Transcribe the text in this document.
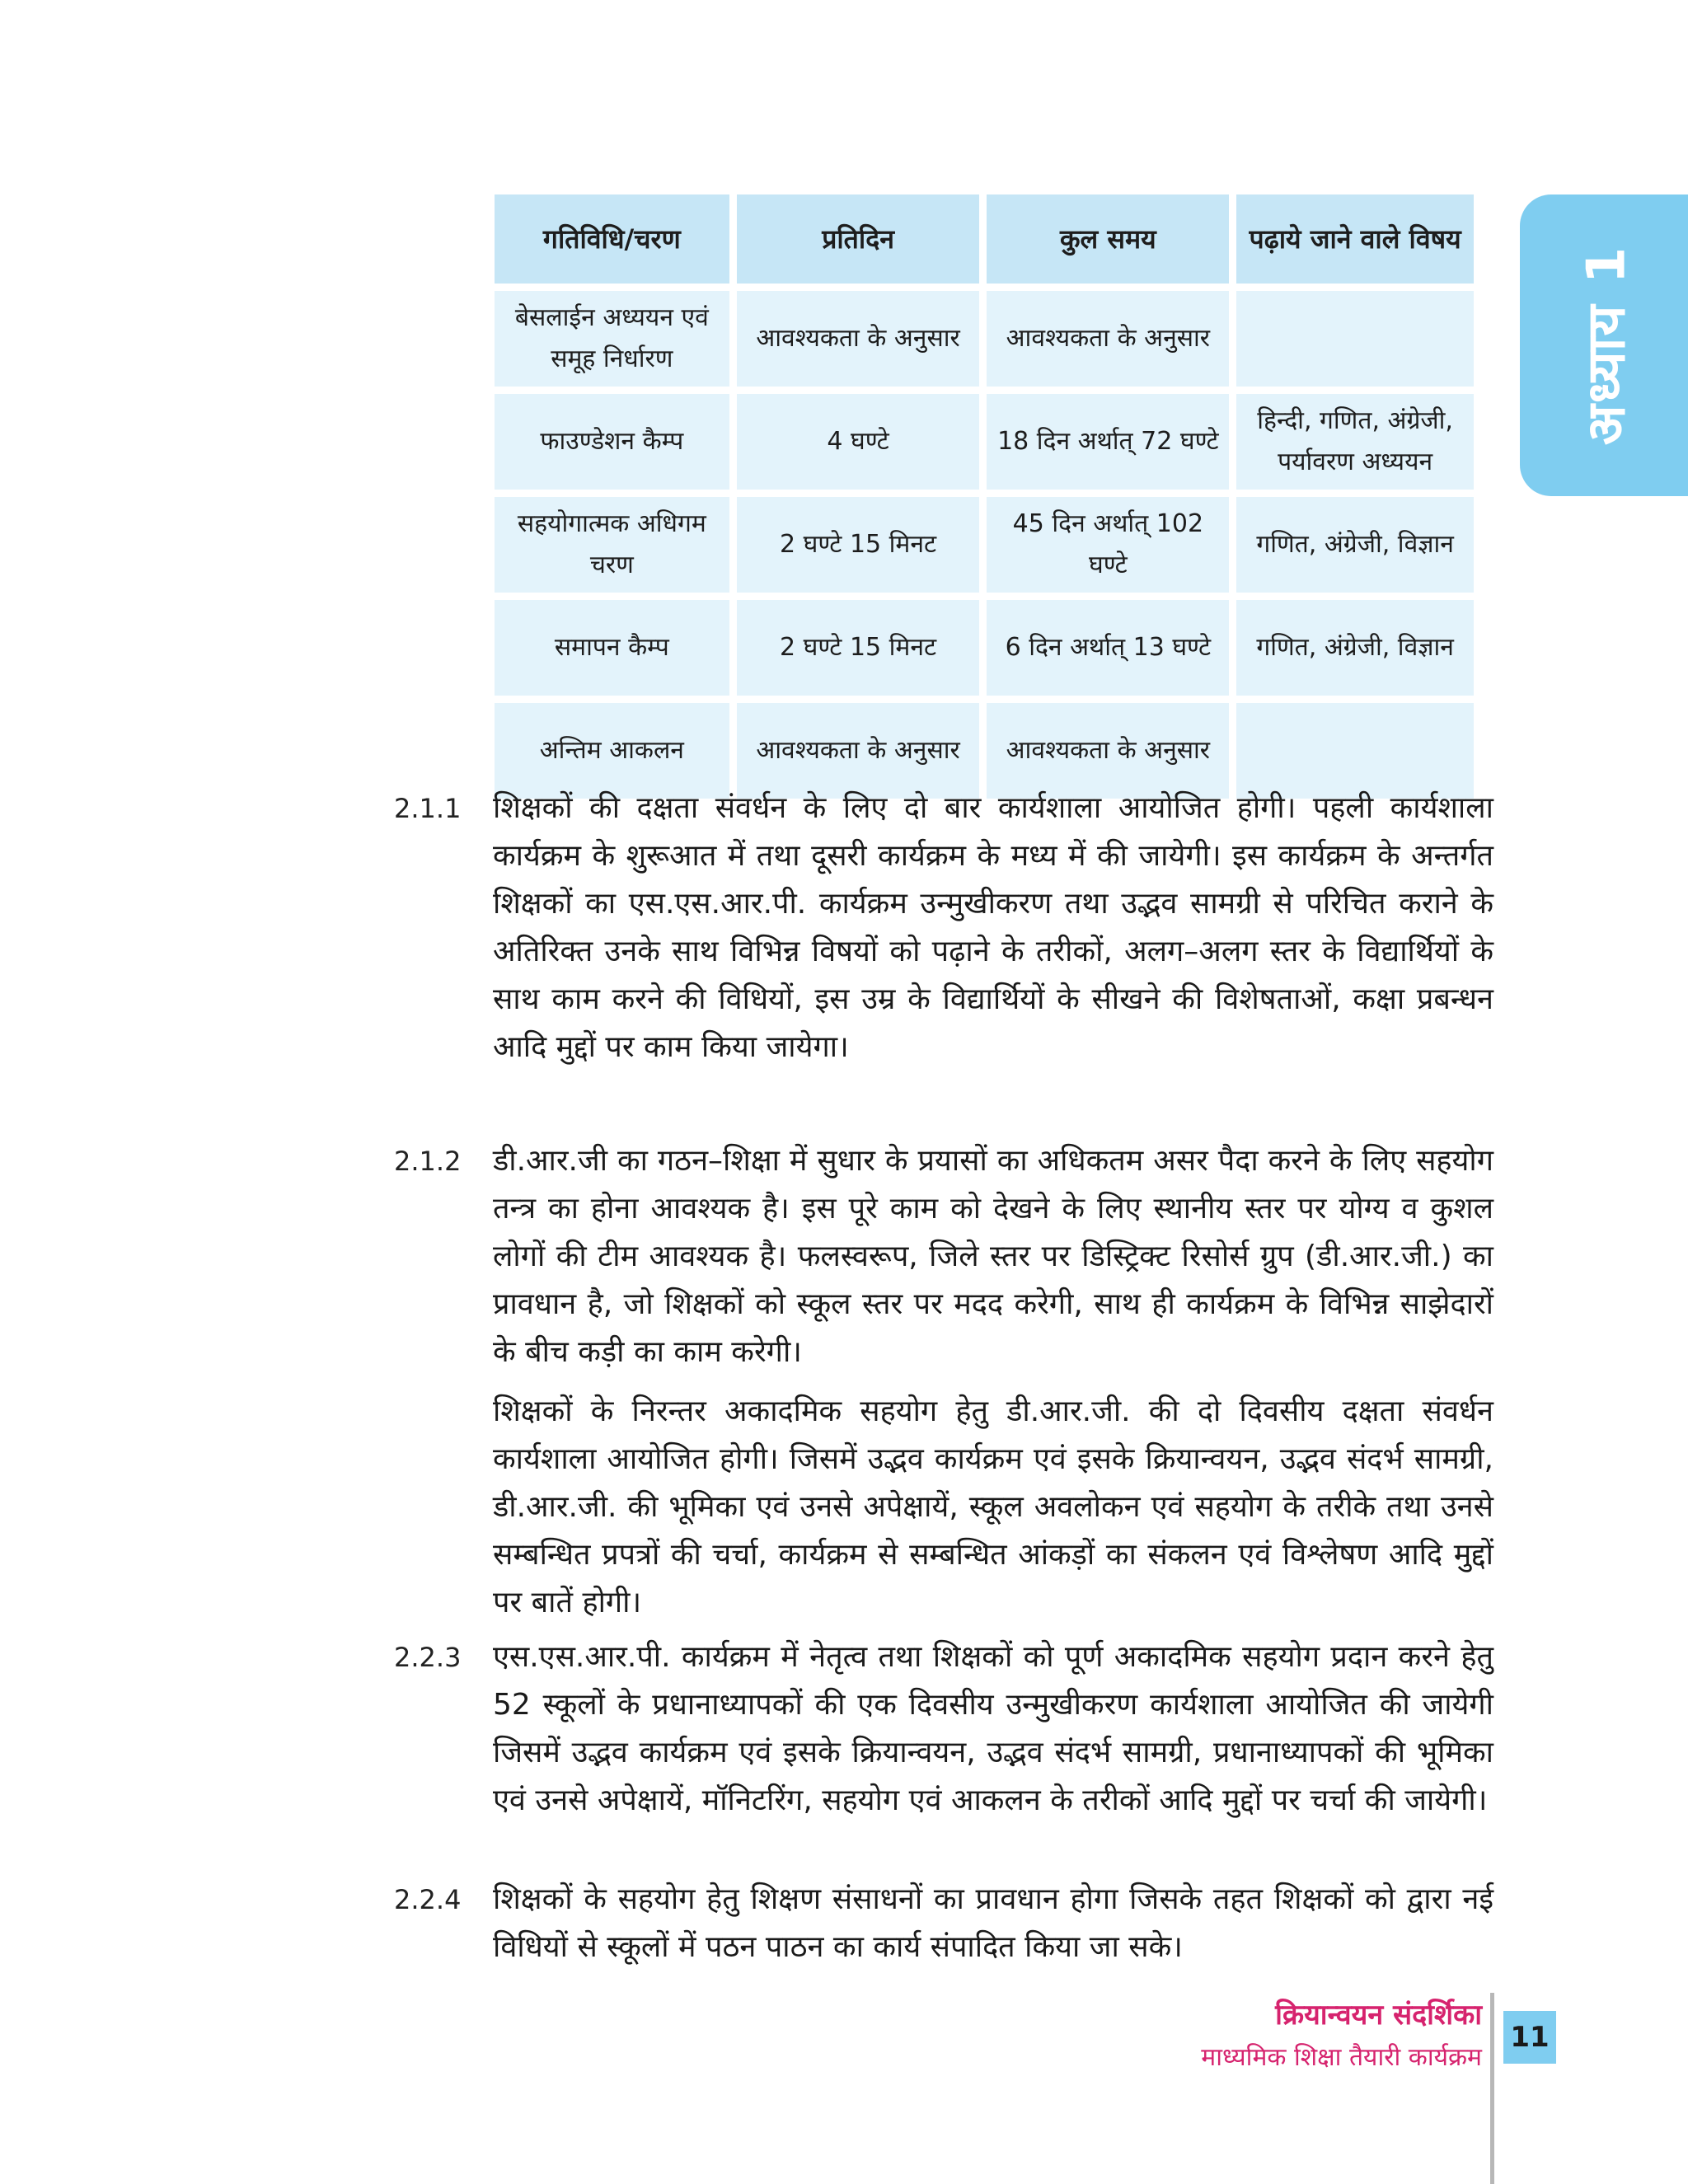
अध्याय 1
गतिविधि/चरण	प्रतिदिन	कुल समय	पढ़ाये जाने वाले विषय
बेसलाईन अध्ययन एवं समूह निर्धारण	आवश्यकता के अनुसार	आवश्यकता के अनुसार	
फाउण्डेशन कैम्प	4 घण्टे	18 दिन अर्थात् 72 घण्टे	हिन्दी, गणित, अंग्रेजी, पर्यावरण अध्ययन
सहयोगात्मक अधिगम चरण	2 घण्टे 15 मिनट	45 दिन अर्थात् 102 घण्टे	गणित, अंग्रेजी, विज्ञान
समापन कैम्प	2 घण्टे 15 मिनट	6 दिन अर्थात् 13 घण्टे	गणित, अंग्रेजी, विज्ञान
अन्तिम आकलन	आवश्यकता के अनुसार	आवश्यकता के अनुसार	
2.1.1	शिक्षकों की दक्षता संवर्धन के लिए दो बार कार्यशाला आयोजित होगी। पहली कार्यशाला कार्यक्रम के शुरूआत में तथा दूसरी कार्यक्रम के मध्य में की जायेगी। इस कार्यक्रम के अन्तर्गत शिक्षकों का एस.एस.आर.पी. कार्यक्रम उन्मुखीकरण तथा उद्भव सामग्री से परिचित कराने के अतिरिक्त उनके साथ विभिन्न विषयों को पढ़ाने के तरीकों, अलग–अलग स्तर के विद्यार्थियों के साथ काम करने की विधियों, इस उम्र के विद्यार्थियों के सीखने की विशेषताओं, कक्षा प्रबन्धन आदि मुद्दों पर काम किया जायेगा।

2.1.2	डी.आर.जी का गठन–शिक्षा में सुधार के प्रयासों का अधिकतम असर पैदा करने के लिए सहयोग तन्त्र का होना आवश्यक है। इस पूरे काम को देखने के लिए स्थानीय स्तर पर योग्य व कुशल लोगों की टीम आवश्यक है। फलस्वरूप, जिले स्तर पर डिस्ट्रिक्ट रिसोर्स ग्रुप (डी.आर.जी.) का प्रावधान है, जो शिक्षकों को स्कूल स्तर पर मदद करेगी, साथ ही कार्यक्रम के विभिन्न साझेदारों के बीच कड़ी का काम करेगी।

शिक्षकों के निरन्तर अकादमिक सहयोग हेतु डी.आर.जी. की दो दिवसीय दक्षता संवर्धन कार्यशाला आयोजित होगी। जिसमें उद्भव कार्यक्रम एवं इसके क्रियान्वयन, उद्भव संदर्भ सामग्री, डी.आर.जी. की भूमिका एवं उनसे अपेक्षायें, स्कूल अवलोकन एवं सहयोग के तरीके तथा उनसे सम्बन्धित प्रपत्रों की चर्चा, कार्यक्रम से सम्बन्धित आंकड़ों का संकलन एवं विश्लेषण आदि मुद्दों पर बातें होगी।

2.2.3	एस.एस.आर.पी. कार्यक्रम में नेतृत्व तथा शिक्षकों को पूर्ण अकादमिक सहयोग प्रदान करने हेतु 52 स्कूलों के प्रधानाध्यापकों की एक दिवसीय उन्मुखीकरण कार्यशाला आयोजित की जायेगी जिसमें उद्भव कार्यक्रम एवं इसके क्रियान्वयन, उद्भव संदर्भ सामग्री, प्रधानाध्यापकों की भूमिका एवं उनसे अपेक्षायें, मॉनिटरिंग, सहयोग एवं आकलन के तरीकों आदि मुद्दों पर चर्चा की जायेगी।

2.2.4	शिक्षकों के सहयोग हेतु शिक्षण संसाधनों का प्रावधान होगा जिसके तहत शिक्षकों को द्वारा नई विधियों से स्कूलों में पठन पाठन का कार्य संपादित किया जा सके।

क्रियान्वयन संदर्शिका
माध्यमिक शिक्षा तैयारी कार्यक्रम
11
